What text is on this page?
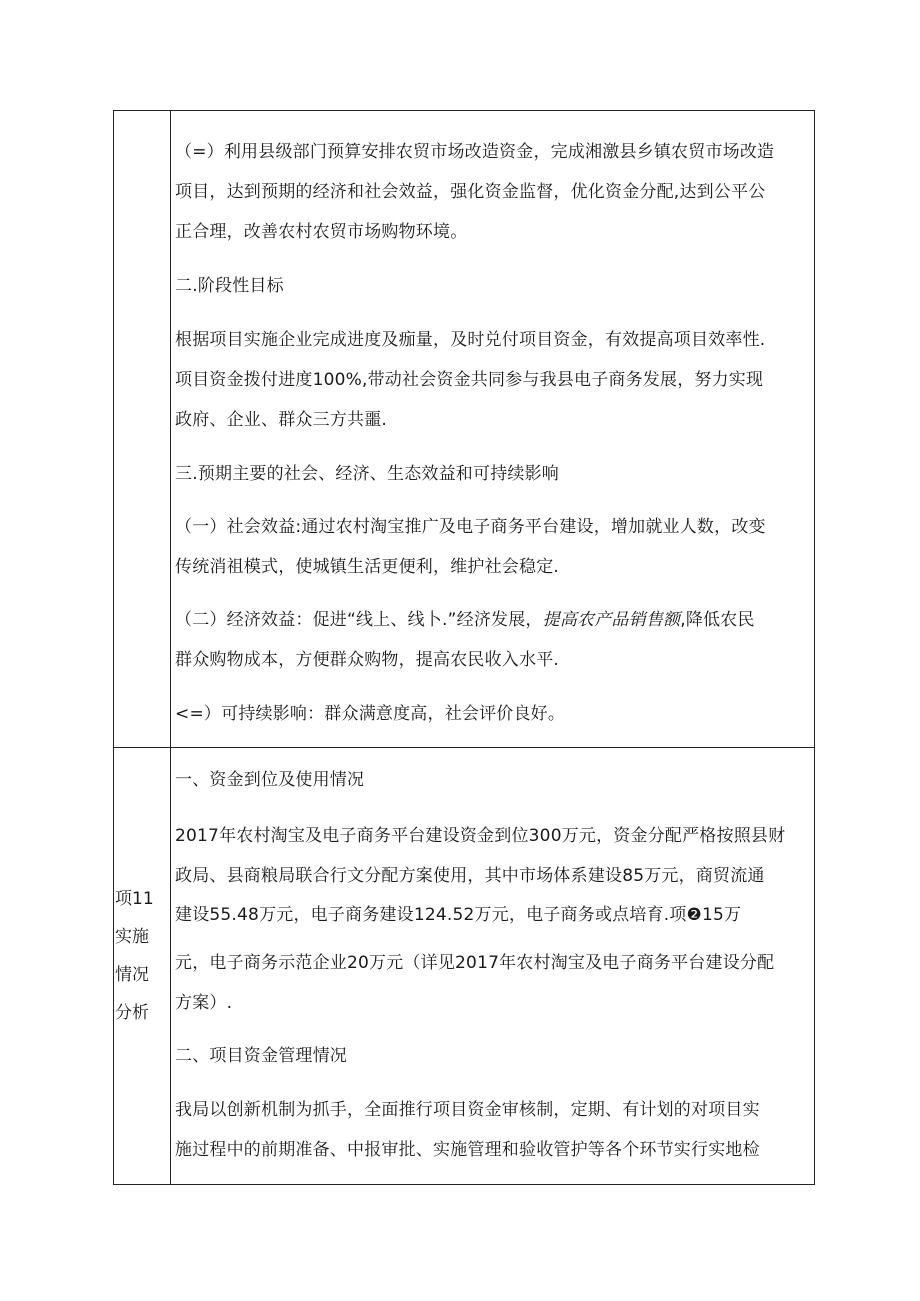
（=）利用县级部门预算安排农贸市场改造资金，完成湘激县乡镇农贸市场改造
项目，达到预期的经济和社会效益，强化资金监督，优化资金分配,达到公平公
正合理，改善农村农贸市场购物环境。
二.阶段性目标
根据项目实施企业完成进度及痂量，及时兑付项目资金，有效提高项目效率性.
项目资金拨付进度100%,带动社会资金共同参与我县电子商务发展，努力实现
政府、企业、群众三方共噩.
三.预期主要的社会、经济、生态效益和可持续影响
（一）社会效益:通过农村淘宝推广及电子商务平台建设，增加就业人数，改变
传统消祖模式，使城镇生活更便利，维护社会稳定.
（二）经济效益：促进“线上、线卜.”经济发展，提高农产品销售额,降低农民
群众购物成本，方便群众购物，提高农民收入水平.
<=）可持续影响：群众满意度高，社会评价良好。
项11
实施
情况
分析
一、资金到位及使用情况
2017年农村淘宝及电子商务平台建设资金到位300万元，资金分配严格按照县财
政局、县商粮局联合行文分配方案使用，其中市场体系建设85万元，商贸流通
建设55.48万元，电子商务建设124.52万元，电子商务或点培育.项❷15万
元，电子商务示范企业20万元（详见2017年农村淘宝及电子商务平台建设分配
方案）.
二、项目资金管理情况
我局以创新机制为抓手，全面推行项目资金审核制，定期、有计划的对项目实
施过程中的前期准备、中报审批、实施管理和验收管护等各个环节实行实地检
